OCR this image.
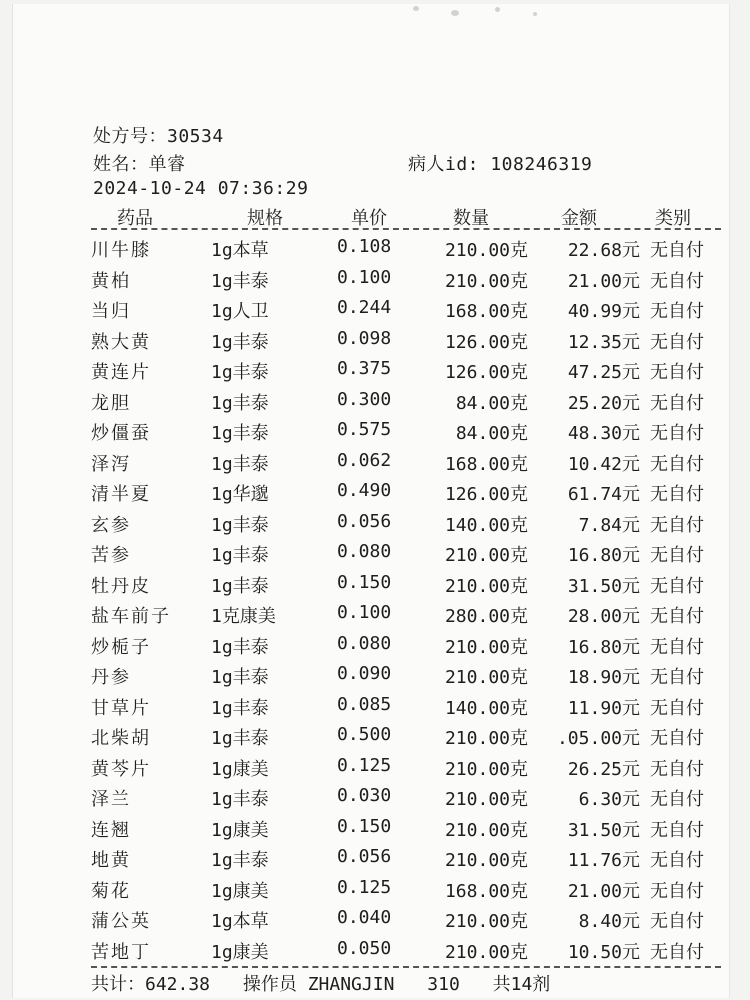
处方号：30534
姓名：单睿	病人id: 108246319
2024-10-24 07:36:29
药品	规格	单价	数量	金额	类别
川牛膝	1g本草	0.108	210.00克	22.68元 无自付
黄柏	1g丰泰	0.100	210.00克	21.00元 无自付
当归	1g人卫	0.244	168.00克	40.99元 无自付
熟大黄	1g丰泰	0.098	126.00克	12.35元 无自付
黄连片	1g丰泰	0.375	126.00克	47.25元 无自付
龙胆	1g丰泰	0.300	84.00克	25.20元 无自付
炒僵蚕	1g丰泰	0.575	84.00克	48.30元 无自付
泽泻	1g丰泰	0.062	168.00克	10.42元 无自付
清半夏	1g华邈	0.490	126.00克	61.74元 无自付
玄参	1g丰泰	0.056	140.00克	7.84元 无自付
苦参	1g丰泰	0.080	210.00克	16.80元 无自付
牡丹皮	1g丰泰	0.150	210.00克	31.50元 无自付
盐车前子 1克康美	0.100	280.00克	28.00元 无自付
炒栀子	1g丰泰	0.080	210.00克	16.80元 无自付
丹参	1g丰泰	0.090	210.00克	18.90元 无自付
甘草片	1g丰泰	0.085	140.00克	11.90元 无自付
北柴胡	1g丰泰	0.500	210.00克	.05.00元 无自付
黄芩片	1g康美	0.125	210.00克	26.25元 无自付
泽兰	1g丰泰	0.030	210.00克	6.30元 无自付
连翘	1g康美	0.150	210.00克	31.50元 无自付
地黄	1g丰泰	0.056	210.00克	11.76元 无自付
菊花	1g康美	0.125	168.00克	21.00元 无自付
蒲公英	1g本草	0.040	210.00克	8.40元 无自付
苦地丁	1g康美	0.050	210.00克	10.50元 无自付
共计：642.38 操作员 ZHANGJIN 310 共14剂
